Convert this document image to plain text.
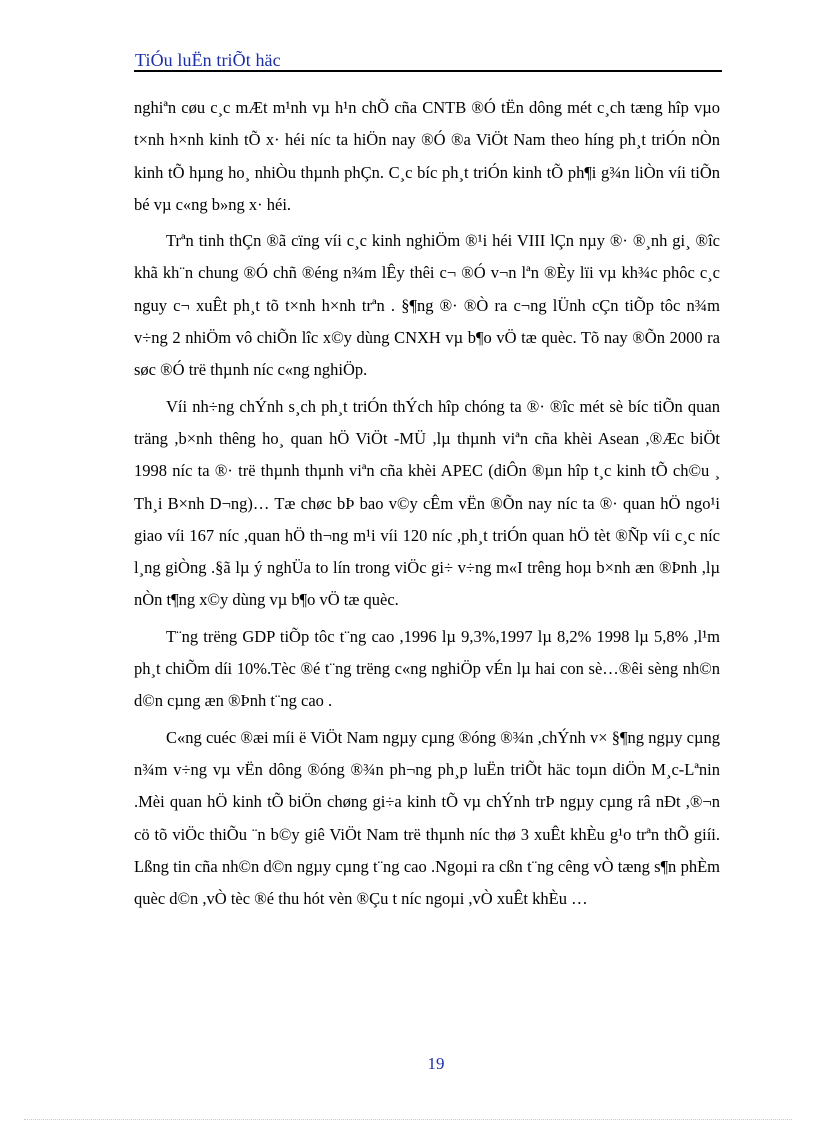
TiÓu luËn triÕt häc

nghiªn cøu c¸c mÆt m¹nh vµ h¹n chÕ cña CNTB ®Ó tËn dông mét c¸ch tæng hîp vµo t×nh h×nh kinh tÕ x· héi níc ta hiÖn nay ®Ó ®a ViÖt Nam theo híng ph¸t triÓn nÒn kinh tÕ hµng ho¸ nhiÒu thµnh phÇn. C¸c bíc ph¸t triÓn kinh tÕ ph¶i g¾n liÒn víi tiÕn bé vµ c«ng b»ng x· héi.

Trªn tinh thÇn ®ã cïng víi c¸c kinh nghiÖm ®¹i héi VIII lÇn nµy ®· ®¸nh gi¸ ®îc khã kh¨n chung ®Ó chñ ®éng n¾m lÊy thêi c¬ ®Ó v¬n lªn ®Èy lïi vµ kh¾c phôc c¸c nguy c¬ xuÊt ph¸t tõ t×nh h×nh trªn . §¶ng ®· ®Ò ra c¬ng lÜnh cÇn tiÕp tôc n¾m v÷ng 2 nhiÖm vô chiÕn lîc x©y dùng CNXH vµ b¶o vÖ tæ quèc. Tõ nay ®Õn 2000 ra søc ®Ó trë thµnh níc c«ng nghiÖp.

Víi nh÷ng chÝnh s¸ch ph¸t triÓn thÝch hîp chóng ta ®· ®îc mét sè bíc tiÕn quan träng ,b×nh thêng ho¸ quan hÖ ViÖt -MÜ ,lµ thµnh viªn cña khèi Asean ,®Æc biÖt 1998 níc ta ®· trë thµnh thµnh viªn cña khèi APEC (diÔn ®µn hîp t¸c kinh tÕ ch©u ¸ Th¸i B×nh D¬ng)… Tæ chøc bÞ bao v©y cÊm vËn ®Õn nay níc ta ®· quan hÖ ngo¹i giao víi 167 níc ,quan hÖ th¬ng m¹i víi 120 níc ,ph¸t triÓn quan hÖ tèt ®Ñp víi c¸c níc l¸ng giÒng .§ã lµ ý nghÜa to lín trong viÖc gi÷ v÷ng m«I trêng hoµ b×nh æn ®Þnh ,lµ nÒn t¶ng x©y dùng vµ b¶o vÖ tæ quèc.

T¨ng trëng GDP tiÕp tôc t¨ng cao ,1996 lµ 9,3%,1997 lµ 8,2% 1998 lµ 5,8% ,l¹m ph¸t chiÕm díi 10%.Tèc ®é t¨ng trëng c«ng nghiÖp vÉn lµ hai con sè…®êi sèng nh©n d©n cµng æn ®Þnh t¨ng cao .

C«ng cuéc ®æi míi ë ViÖt Nam ngµy cµng ®óng ®¾n ,chÝnh v× §¶ng ngµy cµng n¾m v÷ng vµ vËn dông ®óng ®¾n ph¬ng ph¸p luËn triÕt häc toµn diÖn M¸c-Lªnin .Mèi quan hÖ kinh tÕ biÖn chøng gi÷a kinh tÕ vµ chÝnh trÞ ngµy cµng râ nÐt ,®¬n cö tõ viÖc thiÕu ¨n b©y giê ViÖt Nam trë thµnh níc thø 3 xuÊt khÈu g¹o trªn thÕ giíi. Lßng tin cña nh©n d©n ngµy cµng t¨ng cao .Ngoµi ra cßn t¨ng cêng vÒ tæng s¶n phÈm quèc d©n ,vÒ tèc ®é thu hót vèn ®Çu t níc ngoµi ,vÒ xuÊt khÈu …

19
